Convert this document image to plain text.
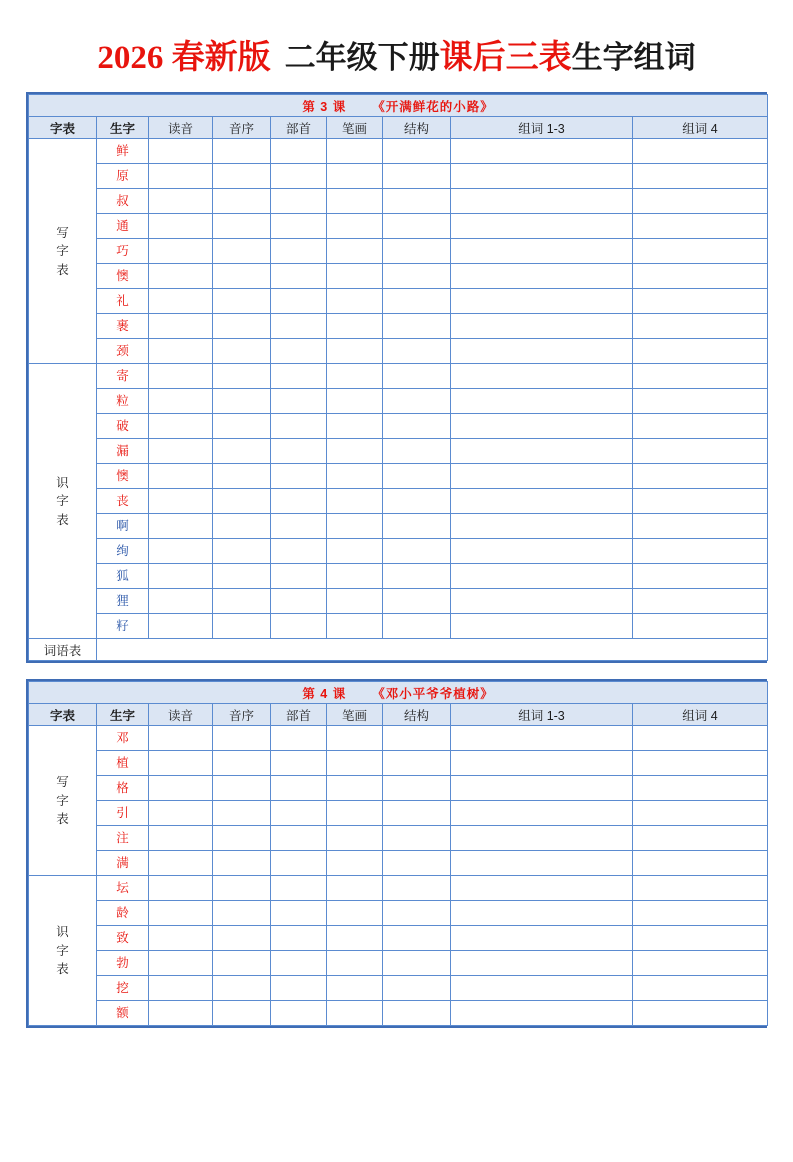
2026 春新版 二年级下册课后三表生字组词
第 3 课 《开满鲜花的小路》								
字表	生字	读音	音序	部首	笔画	结构	组词 1-3	组词 4

写
字
表	鲜							
	原							
	叔							
	通							
	巧							
	懊							
	礼							
	裹							
	颈							

识
字
表	寄							
	粒							
	破							
	漏							
	懊							
	丧							
	啊							
	绚							
	狐							
	狸							
	籽							
词语表								
第 4 课 《邓小平爷爷植树》								
字表	生字	读音	音序	部首	笔画	结构	组词 1-3	组词 4

写
字
表	邓							
	植							
	格							
	引							
	注							
	满							

识
字
表	坛							
	龄							
	致							
	勃							
	挖							
	额							
